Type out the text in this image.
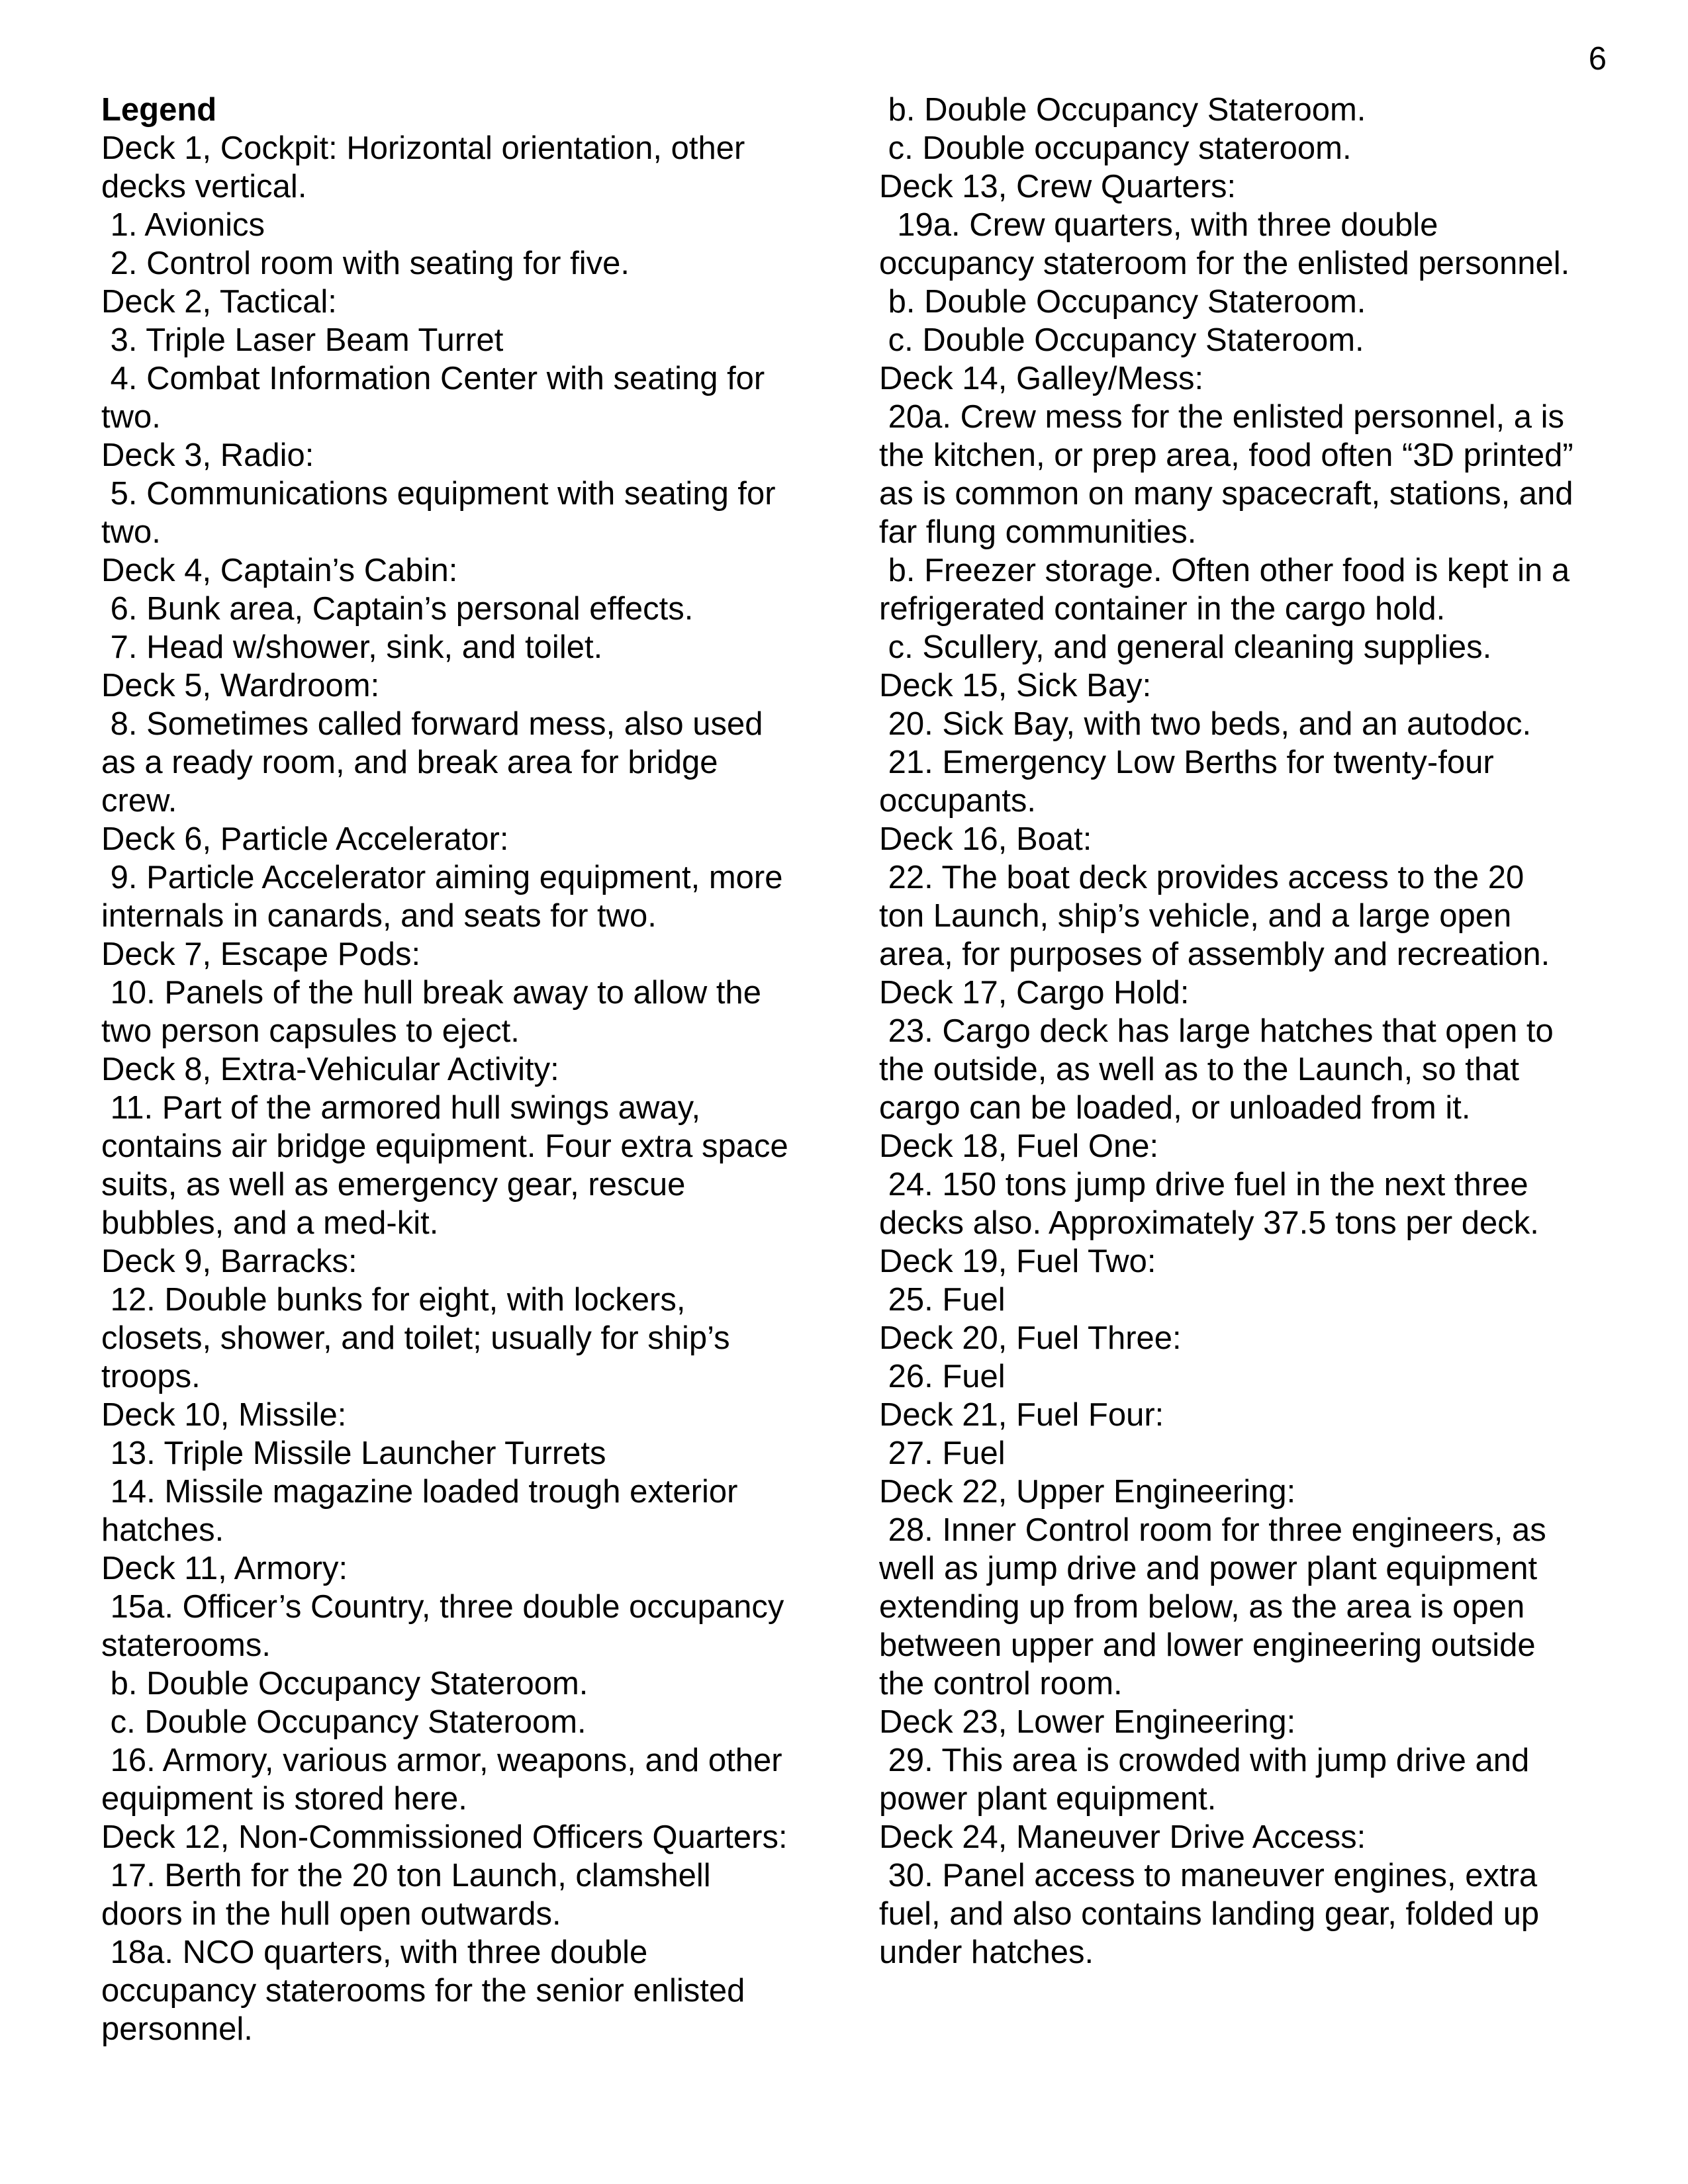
6
Legend
Deck 1, Cockpit: Horizontal orientation, other
decks vertical.
1. Avionics
2. Control room with seating for five.
Deck 2, Tactical:
3. Triple Laser Beam Turret
4. Combat Information Center with seating for
two.
Deck 3, Radio:
5. Communications equipment with seating for
two.
Deck 4, Captain’s Cabin:
6. Bunk area, Captain’s personal effects.
7. Head w/shower, sink, and toilet.
Deck 5, Wardroom:
8. Sometimes called forward mess, also used
as a ready room, and break area for bridge
crew.
Deck 6, Particle Accelerator:
9. Particle Accelerator aiming equipment, more
internals in canards, and seats for two.
Deck 7, Escape Pods:
10. Panels of the hull break away to allow the
two person capsules to eject.
Deck 8, Extra-Vehicular Activity:
11. Part of the armored hull swings away,
contains air bridge equipment. Four extra space
suits, as well as emergency gear, rescue
bubbles, and a med-kit.
Deck 9, Barracks:
12. Double bunks for eight, with lockers,
closets, shower, and toilet; usually for ship’s
troops.
Deck 10, Missile:
13. Triple Missile Launcher Turrets
14. Missile magazine loaded trough exterior
hatches.
Deck 11, Armory:
15a. Officer’s Country, three double occupancy
staterooms.
b. Double Occupancy Stateroom.
c. Double Occupancy Stateroom.
16. Armory, various armor, weapons, and other
equipment is stored here.
Deck 12, Non-Commissioned Officers Quarters:
17. Berth for the 20 ton Launch, clamshell
doors in the hull open outwards.
18a. NCO quarters, with three double
occupancy staterooms for the senior enlisted
personnel.
b. Double Occupancy Stateroom.
c. Double occupancy stateroom.
Deck 13, Crew Quarters:
19a. Crew quarters, with three double
occupancy stateroom for the enlisted personnel.
b. Double Occupancy Stateroom.
c. Double Occupancy Stateroom.
Deck 14, Galley/Mess:
20a. Crew mess for the enlisted personnel, a is
the kitchen, or prep area, food often “3D printed”
as is common on many spacecraft, stations, and
far flung communities.
b. Freezer storage. Often other food is kept in a
refrigerated container in the cargo hold.
c. Scullery, and general cleaning supplies.
Deck 15, Sick Bay:
20. Sick Bay, with two beds, and an autodoc.
21. Emergency Low Berths for twenty-four
occupants.
Deck 16, Boat:
22. The boat deck provides access to the 20
ton Launch, ship’s vehicle, and a large open
area, for purposes of assembly and recreation.
Deck 17, Cargo Hold:
23. Cargo deck has large hatches that open to
the outside, as well as to the Launch, so that
cargo can be loaded, or unloaded from it.
Deck 18, Fuel One:
24. 150 tons jump drive fuel in the next three
decks also. Approximately 37.5 tons per deck.
Deck 19, Fuel Two:
25. Fuel
Deck 20, Fuel Three:
26. Fuel
Deck 21, Fuel Four:
27. Fuel
Deck 22, Upper Engineering:
28. Inner Control room for three engineers, as
well as jump drive and power plant equipment
extending up from below, as the area is open
between upper and lower engineering outside
the control room.
Deck 23, Lower Engineering:
29. This area is crowded with jump drive and
power plant equipment.
Deck 24, Maneuver Drive Access:
30. Panel access to maneuver engines, extra
fuel, and also contains landing gear, folded up
under hatches.
